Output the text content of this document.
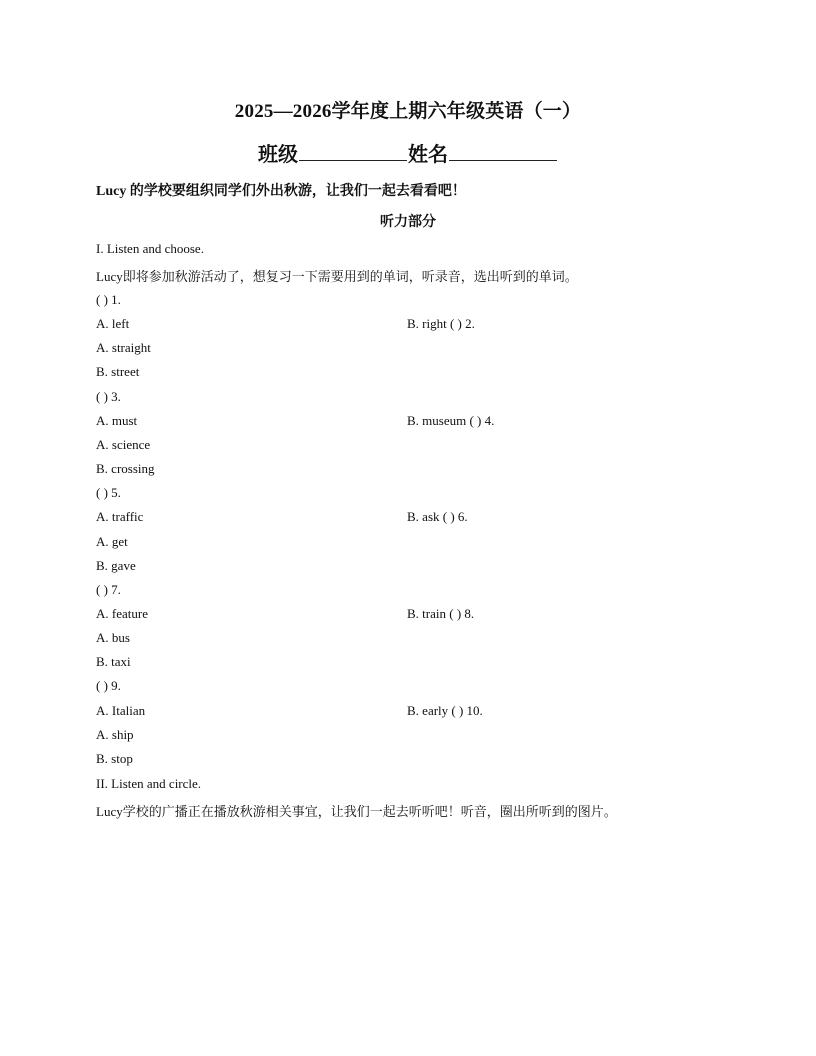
2025—2026学年度上期六年级英语（一）
班级	姓名
Lucy 的学校要组织同学们外出秋游，让我们一起去看看吧！
听力部分
I. Listen and choose.
Lucy即将参加秋游活动了，想复习一下需要用到的单词，听录音，选出听到的单词。
( ) 1.
A. left	B. right ( ) 2.
A. straight
B. street
( ) 3.
A. must	B. museum ( ) 4.
A. science
B. crossing
( ) 5.
A. traffic	B. ask ( ) 6.
A. get
B. gave
( ) 7.
A. feature	B. train ( ) 8.
A. bus
B. taxi
( ) 9.
A. Italian	B. early ( ) 10.
A. ship
B. stop
II. Listen and circle.
Lucy学校的广播正在播放秋游相关事宜，让我们一起去听听吧！听音，圈出所听到的图片。
